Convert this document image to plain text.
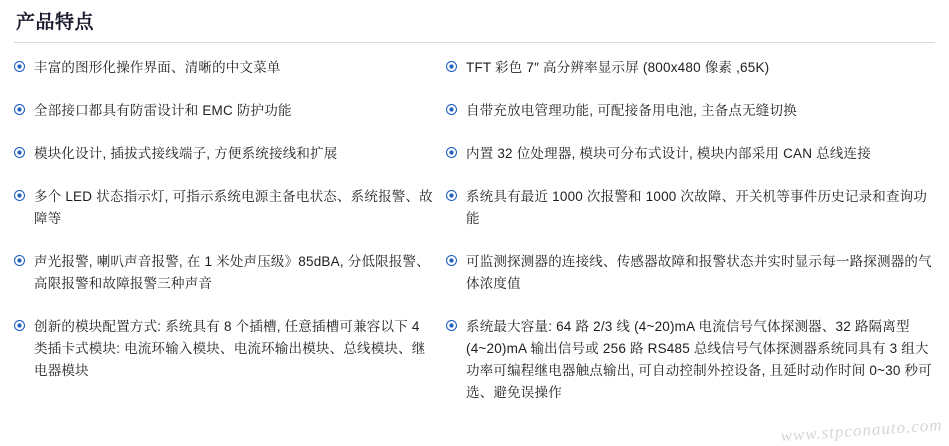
产品特点
丰富的图形化操作界面、清晰的中文菜单
全部接口都具有防雷设计和 EMC 防护功能
模块化设计, 插拔式接线端子, 方便系统接线和扩展
多个 LED 状态指示灯, 可指示系统电源主备电状态、系统报警、故障等
声光报警, 喇叭声音报警, 在 1 米处声压级》85dBA, 分低限报警、高限报警和故障报警三种声音
创新的模块配置方式: 系统具有 8 个插槽, 任意插槽可兼容以下 4 类插卡式模块: 电流环输入模块、电流环输出模块、总线模块、继电器模块
TFT 彩色 7″ 高分辨率显示屏 (800x480 像素 ,65K)
自带充放电管理功能, 可配接备用电池, 主备点无缝切换
内置 32 位处理器, 模块可分布式设计, 模块内部采用 CAN 总线连接
系统具有最近 1000 次报警和 1000 次故障、开关机等事件历史记录和查询功能
可监测探测器的连接线、传感器故障和报警状态并实时显示每一路探测器的气体浓度值
系统最大容量: 64 路 2/3 线 (4~20)mA 电流信号气体探测器、32 路隔离型 (4~20)mA 输出信号或 256 路 RS485 总线信号气体探测器系统同具有 3 组大功率可编程继电器触点输出, 可自动控制外控设备, 且延时动作时间 0~30 秒可选、避免误操作
www.stpconauto.com
